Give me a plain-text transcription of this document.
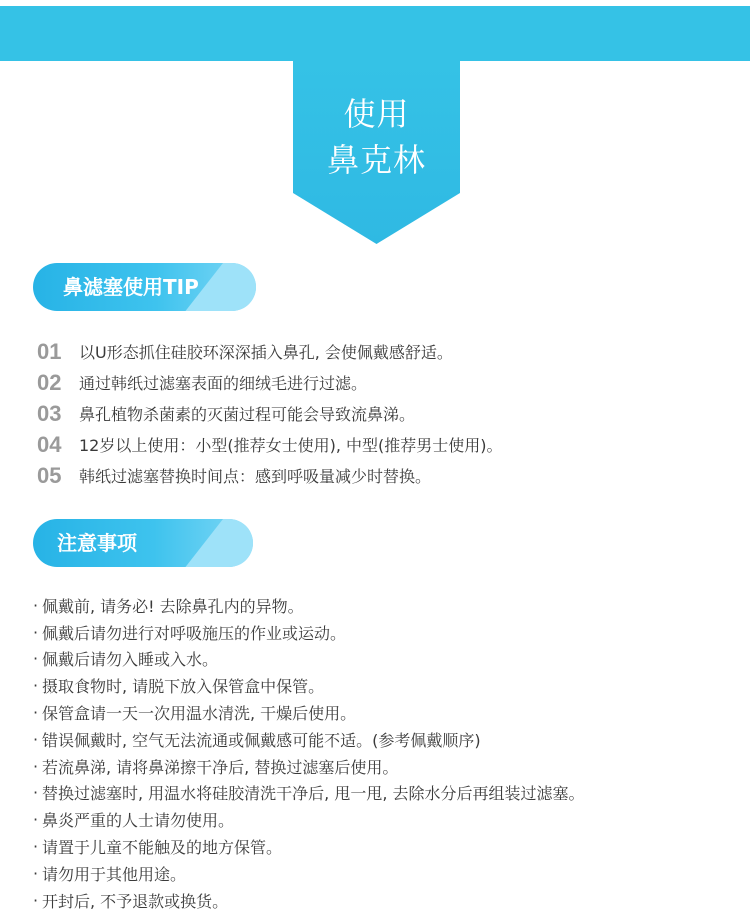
使用
鼻克林
鼻滤塞使用TIP
01	以U形态抓住硅胶环深深插入鼻孔, 会使佩戴感舒适。
02	通过韩纸过滤塞表面的细绒毛进行过滤。
03	鼻孔植物杀菌素的灭菌过程可能会导致流鼻涕。
04	12岁以上使用：小型(推荐女士使用), 中型(推荐男士使用)。
05	韩纸过滤塞替换时间点：感到呼吸量减少时替换。
注意事项
· 佩戴前, 请务必! 去除鼻孔内的异物。
· 佩戴后请勿进行对呼吸施压的作业或运动。
· 佩戴后请勿入睡或入水。
· 摄取食物时, 请脱下放入保管盒中保管。
· 保管盒请一天一次用温水清洗, 干燥后使用。
· 错误佩戴时, 空气无法流通或佩戴感可能不适。(参考佩戴顺序)
· 若流鼻涕, 请将鼻涕擦干净后, 替换过滤塞后使用。
· 替换过滤塞时, 用温水将硅胶清洗干净后, 甩一甩, 去除水分后再组装过滤塞。
· 鼻炎严重的人士请勿使用。
· 请置于儿童不能触及的地方保管。
· 请勿用于其他用途。
· 开封后, 不予退款或换货。
